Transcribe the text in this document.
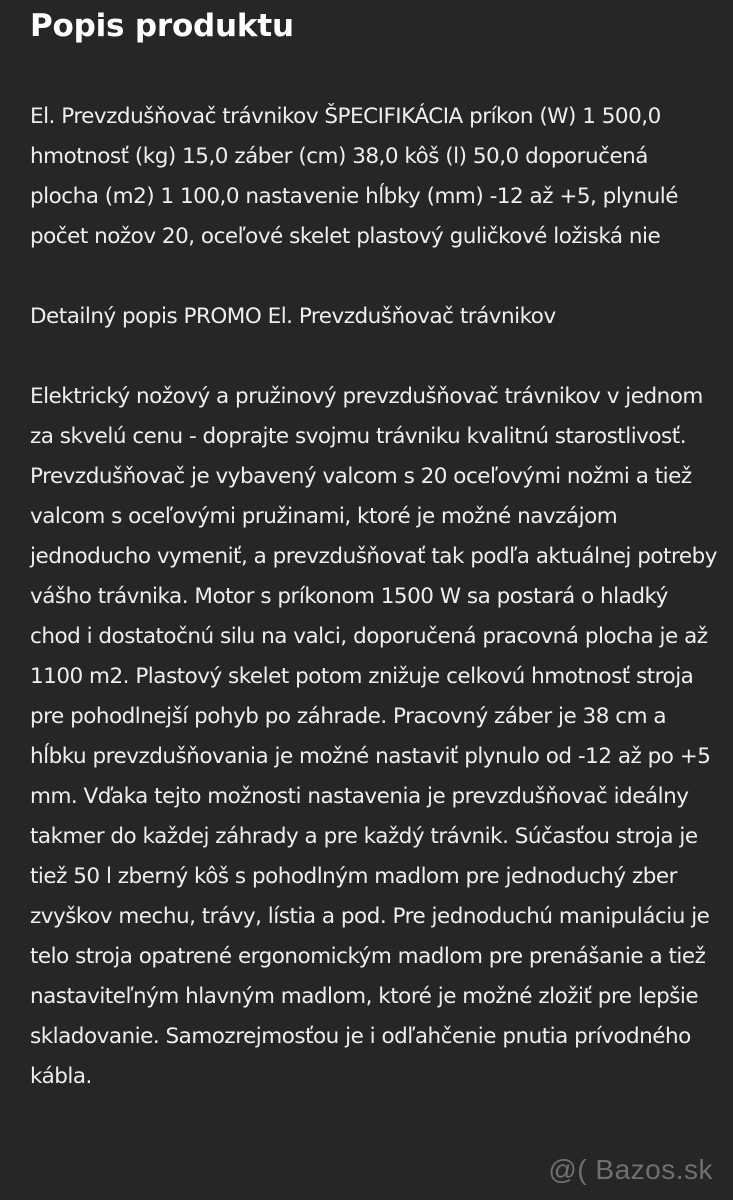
Popis produktu

El. Prevzdušňovač trávnikov ŠPECIFIKÁCIA príkon (W) 1 500,0 hmotnosť (kg) 15,0 záber (cm) 38,0 kôš (l) 50,0 doporučená plocha (m2) 1 100,0 nastavenie hĺbky (mm) -12 až +5, plynulé počet nožov 20, oceľové skelet plastový guličkové ložiská nie

Detailný popis PROMO El. Prevzdušňovač trávnikov

Elektrický nožový a pružinový prevzdušňovač trávnikov v jednom za skvelú cenu - doprajte svojmu trávniku kvalitnú starostlivosť. Prevzdušňovač je vybavený valcom s 20 oceľovými nožmi a tiež valcom s oceľovými pružinami, ktoré je možné navzájom jednoducho vymeniť, a prevzdušňovať tak podľa aktuálnej potreby vášho trávnika. Motor s príkonom 1500 W sa postará o hladký chod i dostatočnú silu na valci, doporučená pracovná plocha je až 1100 m2. Plastový skelet potom znižuje celkovú hmotnosť stroja pre pohodlnejší pohyb po záhrade. Pracovný záber je 38 cm a hĺbku prevzdušňovania je možné nastaviť plynulo od -12 až po +5 mm. Vďaka tejto možnosti nastavenia je prevzdušňovač ideálny takmer do každej záhrady a pre každý trávnik. Súčasťou stroja je tiež 50 l zberný kôš s pohodlným madlom pre jednoduchý zber zvyškov mechu, trávy, lístia a pod. Pre jednoduchú manipuláciu je telo stroja opatrené ergonomickým madlom pre prenášanie a tiež nastaviteľným hlavným madlom, ktoré je možné zložiť pre lepšie skladovanie. Samozrejmosťou je i odľahčenie pnutia prívodného kábla.

@( Bazos.sk
